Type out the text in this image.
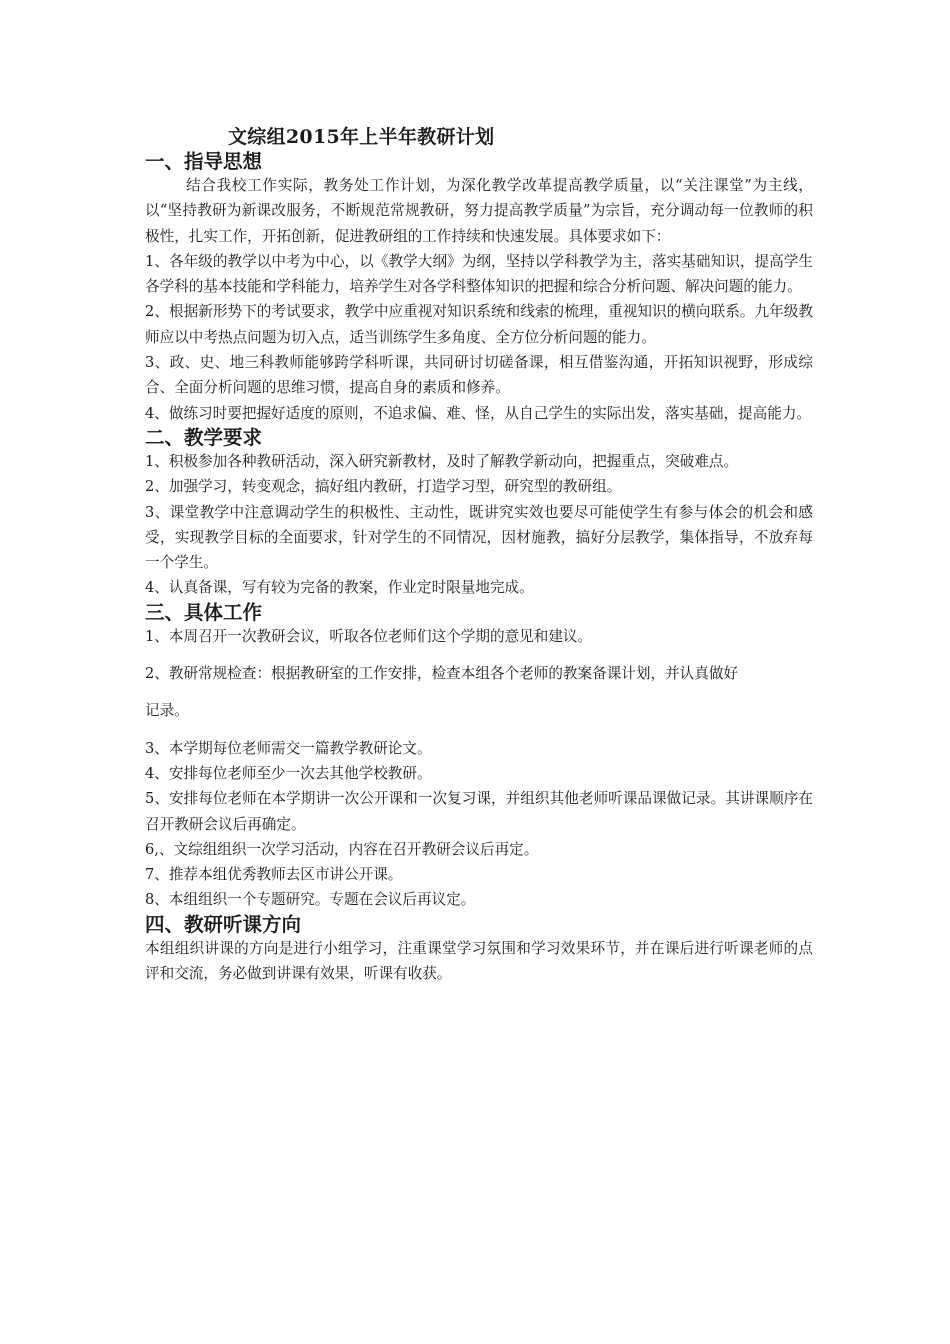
文综组2015年上半年教研计划
一、指导思想

结合我校工作实际，教务处工作计划，为深化教学改革提高教学质量，以“关注课堂”为主线，以“坚持教研为新课改服务，不断规范常规教研，努力提高教学质量”为宗旨，充分调动每一位教师的积极性，扎实工作，开拓创新，促进教研组的工作持续和快速发展。具体要求如下：

1、各年级的教学以中考为中心，以《教学大纲》为纲，坚持以学科教学为主，落实基础知识，提高学生各学科的基本技能和学科能力，培养学生对各学科整体知识的把握和综合分析问题、解决问题的能力。

2、根据新形势下的考试要求，教学中应重视对知识系统和线索的梳理，重视知识的横向联系。九年级教师应以中考热点问题为切入点，适当训练学生多角度、全方位分析问题的能力。

3、政、史、地三科教师能够跨学科听课，共同研讨切磋备课，相互借鉴沟通，开拓知识视野，形成综合、全面分析问题的思维习惯，提高自身的素质和修养。

4、做练习时要把握好适度的原则，不追求偏、难、怪，从自己学生的实际出发，落实基础，提高能力。

二、教学要求

1、积极参加各种教研活动，深入研究新教材，及时了解教学新动向，把握重点，突破难点。

2、加强学习，转变观念，搞好组内教研，打造学习型，研究型的教研组。

3、课堂教学中注意调动学生的积极性、主动性，既讲究实效也要尽可能使学生有参与体会的机会和感受，实现教学目标的全面要求，针对学生的不同情况，因材施教，搞好分层教学，集体指导，不放弃每一个学生。

4、认真备课，写有较为完备的教案，作业定时限量地完成。

三、具体工作

1、本周召开一次教研会议，听取各位老师们这个学期的意见和建议。

2、教研常规检查：根据教研室的工作安排，检查本组各个老师的教案备课计划，并认真做好

记录。

3、本学期每位老师需交一篇教学教研论文。

4、安排每位老师至少一次去其他学校教研。

5、安排每位老师在本学期讲一次公开课和一次复习课，并组织其他老师听课品课做记录。其讲课顺序在召开教研会议后再确定。

6,、文综组组织一次学习活动，内容在召开教研会议后再定。

7、推荐本组优秀教师去区市讲公开课。

8、本组组织一个专题研究。专题在会议后再议定。

四、教研听课方向

本组组织讲课的方向是进行小组学习，注重课堂学习氛围和学习效果环节，并在课后进行听课老师的点评和交流，务必做到讲课有效果，听课有收获。
